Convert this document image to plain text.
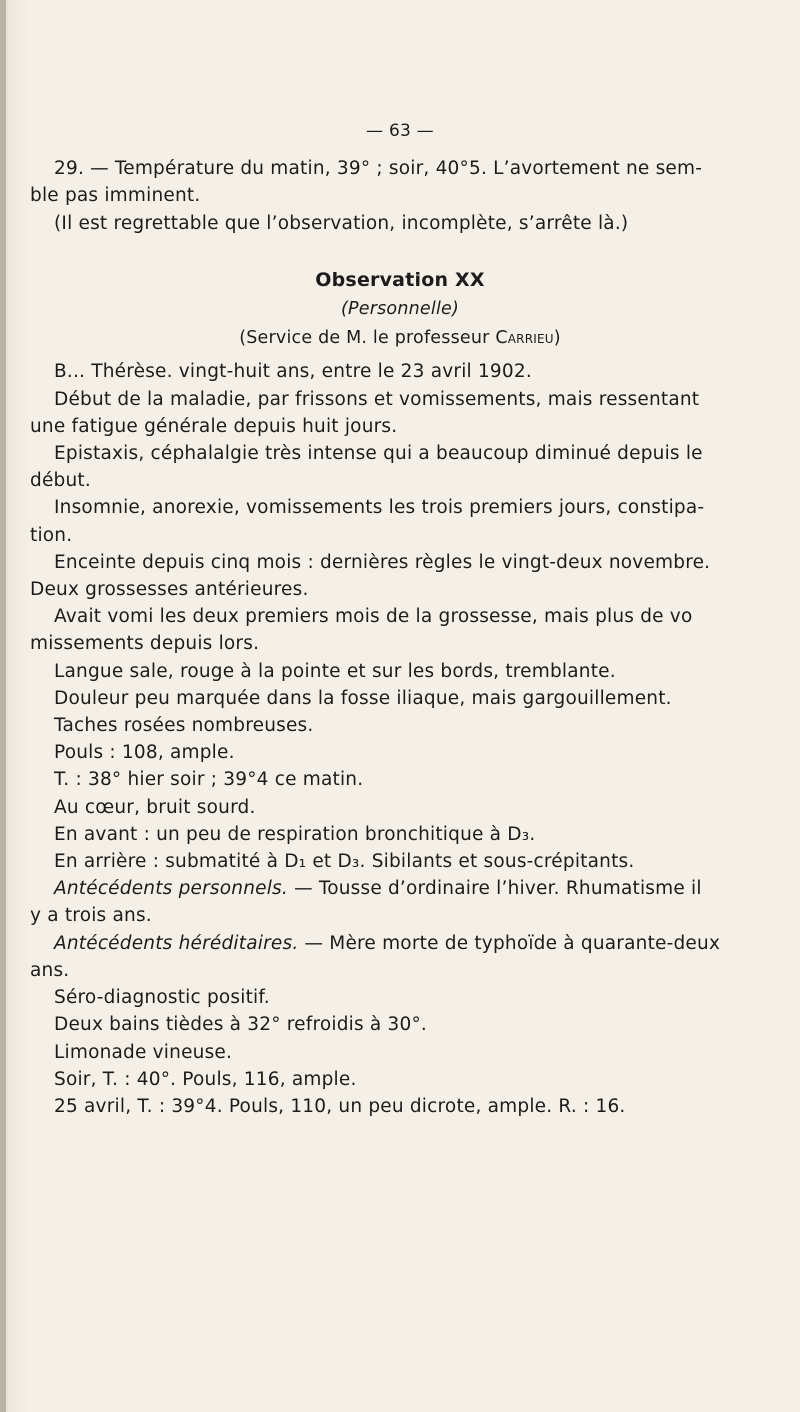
— 63 —

29. — Température du matin, 39° ; soir, 40°5. L’avortement ne sem-

ble pas imminent.

(Il est regrettable que l’observation, incomplète, s’arrête là.)

Observation XX

(Personnelle)

(Service de M. le professeur Carrieu)

B... Thérèse. vingt-huit ans, entre le 23 avril 1902.

Début de la maladie, par frissons et vomissements, mais ressentant

une fatigue générale depuis huit jours.

Epistaxis, céphalalgie très intense qui a beaucoup diminué depuis le

début.

Insomnie, anorexie, vomissements les trois premiers jours, constipa-

tion.

Enceinte depuis cinq mois : dernières règles le vingt-deux novembre.

Deux grossesses antérieures.

Avait vomi les deux premiers mois de la grossesse, mais plus de vo

missements depuis lors.

Langue sale, rouge à la pointe et sur les bords, tremblante.

Douleur peu marquée dans la fosse iliaque, mais gargouillement.

Taches rosées nombreuses.

Pouls : 108, ample.

T. : 38° hier soir ; 39°4 ce matin.

Au cœur, bruit sourd.

En avant : un peu de respiration bronchitique à D₃.

En arrière : submatité à D₁ et D₃. Sibilants et sous-crépitants.

Antécédents personnels. — Tousse d’ordinaire l’hiver. Rhumatisme il

y a trois ans.

Antécédents héréditaires. — Mère morte de typhoïde à quarante-deux

ans.

Séro-diagnostic positif.

Deux bains tièdes à 32° refroidis à 30°.

Limonade vineuse.

Soir, T. : 40°. Pouls, 116, ample.

25 avril, T. : 39°4. Pouls, 110, un peu dicrote, ample. R. : 16.
